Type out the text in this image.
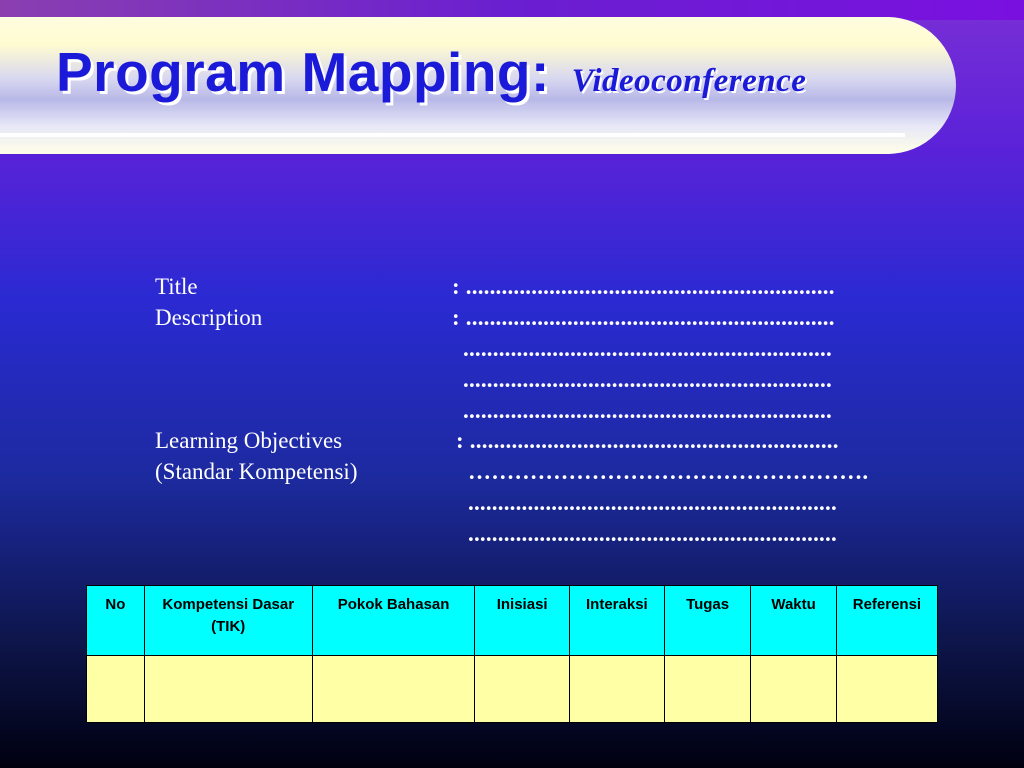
Program Mapping: Videoconference
Title	: ..............................................................
Description	: ..............................................................
..............................................................
..............................................................
..............................................................
Learning Objectives
(Standar Kompetensi)
: ..............................................................
…………………………………………….
..............................................................
..............................................................
No	Kompetensi Dasar (TIK)	Pokok Bahasan	Inisiasi	Interaksi	Tugas	Waktu	Referensi
